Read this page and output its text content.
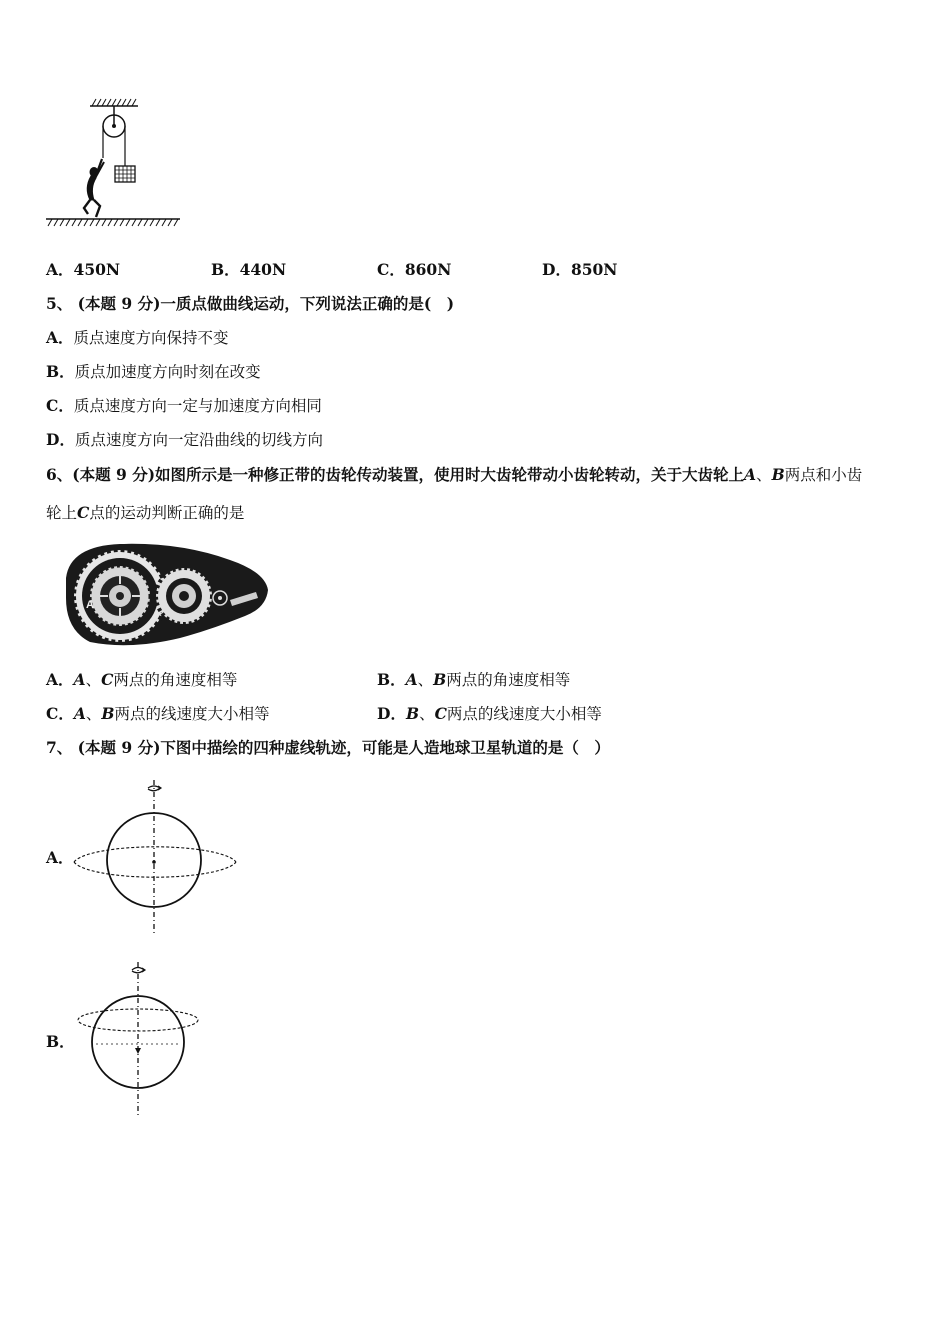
A．450N	B．440N	C．860N	D．850N
5、 (本题 9 分)一质点做曲线运动，下列说法正确的是(　)
A．质点速度方向保持不变
B．质点加速度方向时刻在改变
C．质点速度方向一定与加速度方向相同
D．质点速度方向一定沿曲线的切线方向
6、(本题 9 分)如图所示是一种修正带的齿轮传动装置，使用时大齿轮带动小齿轮转动，关于大齿轮上A、B两点和小齿
轮上C点的运动判断正确的是
A
A．A、C两点的角速度相等	B．A、B两点的角速度相等
C．A、B两点的线速度大小相等	D．B、C两点的线速度大小相等
7、 (本题 9 分)下图中描绘的四种虚线轨迹，可能是人造地球卫星轨道的是（　）
A．
B．
